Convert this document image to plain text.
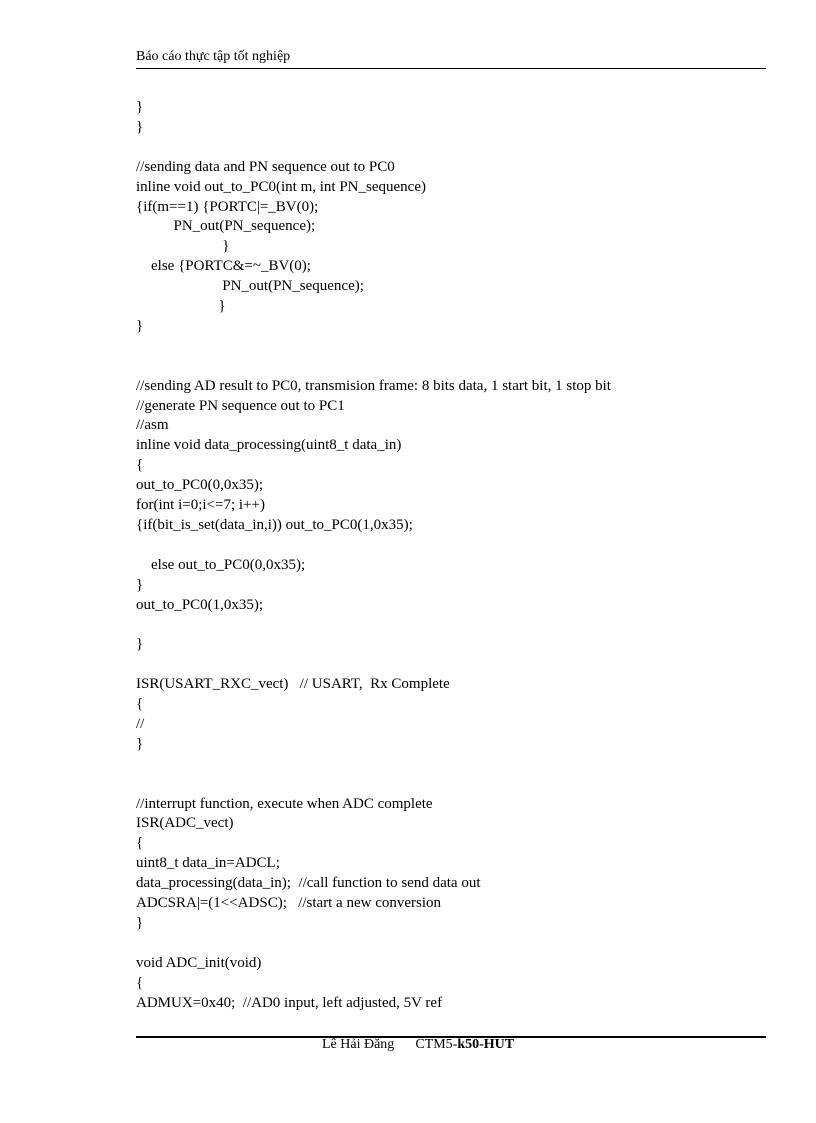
Báo cáo thực tập tốt nghiệp
}
}
//sending data and PN sequence out to PC0
inline void out_to_PC0(int m, int PN_sequence)
{if(m==1) {PORTC|=_BV(0);
PN_out(PN_sequence);
}
else {PORTC&=~_BV(0);
PN_out(PN_sequence);
}
}
//sending AD result to PC0, transmision frame: 8 bits data, 1 start bit, 1 stop bit
//generate PN sequence out to PC1
//asm
inline void data_processing(uint8_t data_in)
{
out_to_PC0(0,0x35);
for(int i=0;i<=7; i++)
{if(bit_is_set(data_in,i)) out_to_PC0(1,0x35);
else out_to_PC0(0,0x35);
}
out_to_PC0(1,0x35);
}
ISR(USART_RXC_vect)   // USART,  Rx Complete
{
//
}
//interrupt function, execute when ADC complete
ISR(ADC_vect)
{
uint8_t data_in=ADCL;
data_processing(data_in);  //call function to send data out
ADCSRA|=(1<<ADSC);   //start a new conversion
}
void ADC_init(void)
{
ADMUX=0x40;  //AD0 input, left adjusted, 5V ref
Lê Hải Đăng CTM5-k50-HUT
